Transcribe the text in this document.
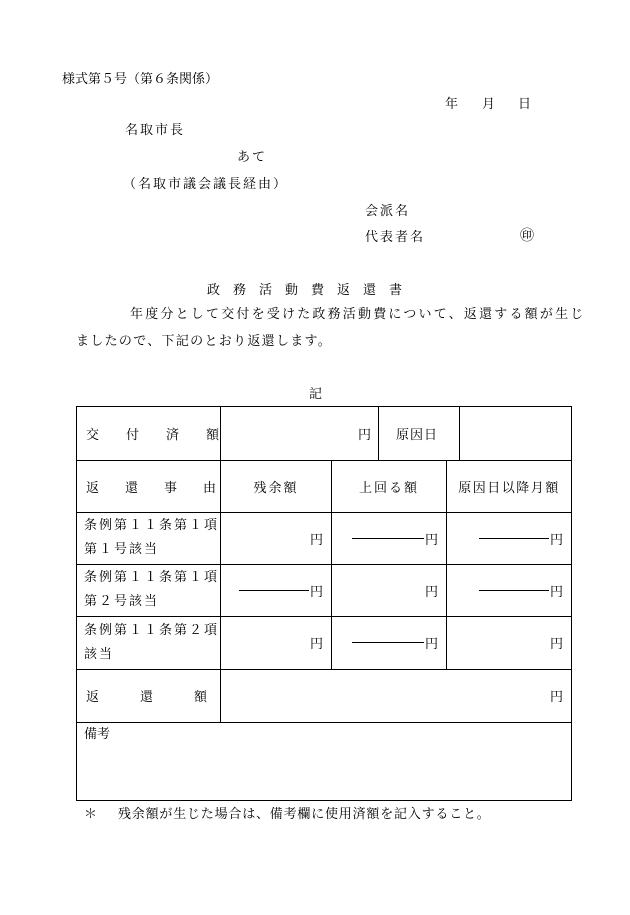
様式第５号（第６条関係）
年 月 日
名取市長
あて
（名取市議会議長経由）
会派名
代表者名	㊞
政務活動費返還書
年度分として交付を受けた政務活動費について、返還する額が生じ
ましたので、下記のとおり返還します。
記
交付済額	円 原因日
返還事由 残余額	上回る額	原因日以降月額
条例第１１条第１項
第１号該当
円	円	円
条例第１１条第１項
第２号該当
円	円	円
条例第１１条第２項
該当
円	円	円
返還額	円
備考
＊ 残余額が生じた場合は、備考欄に使用済額を記入すること。
